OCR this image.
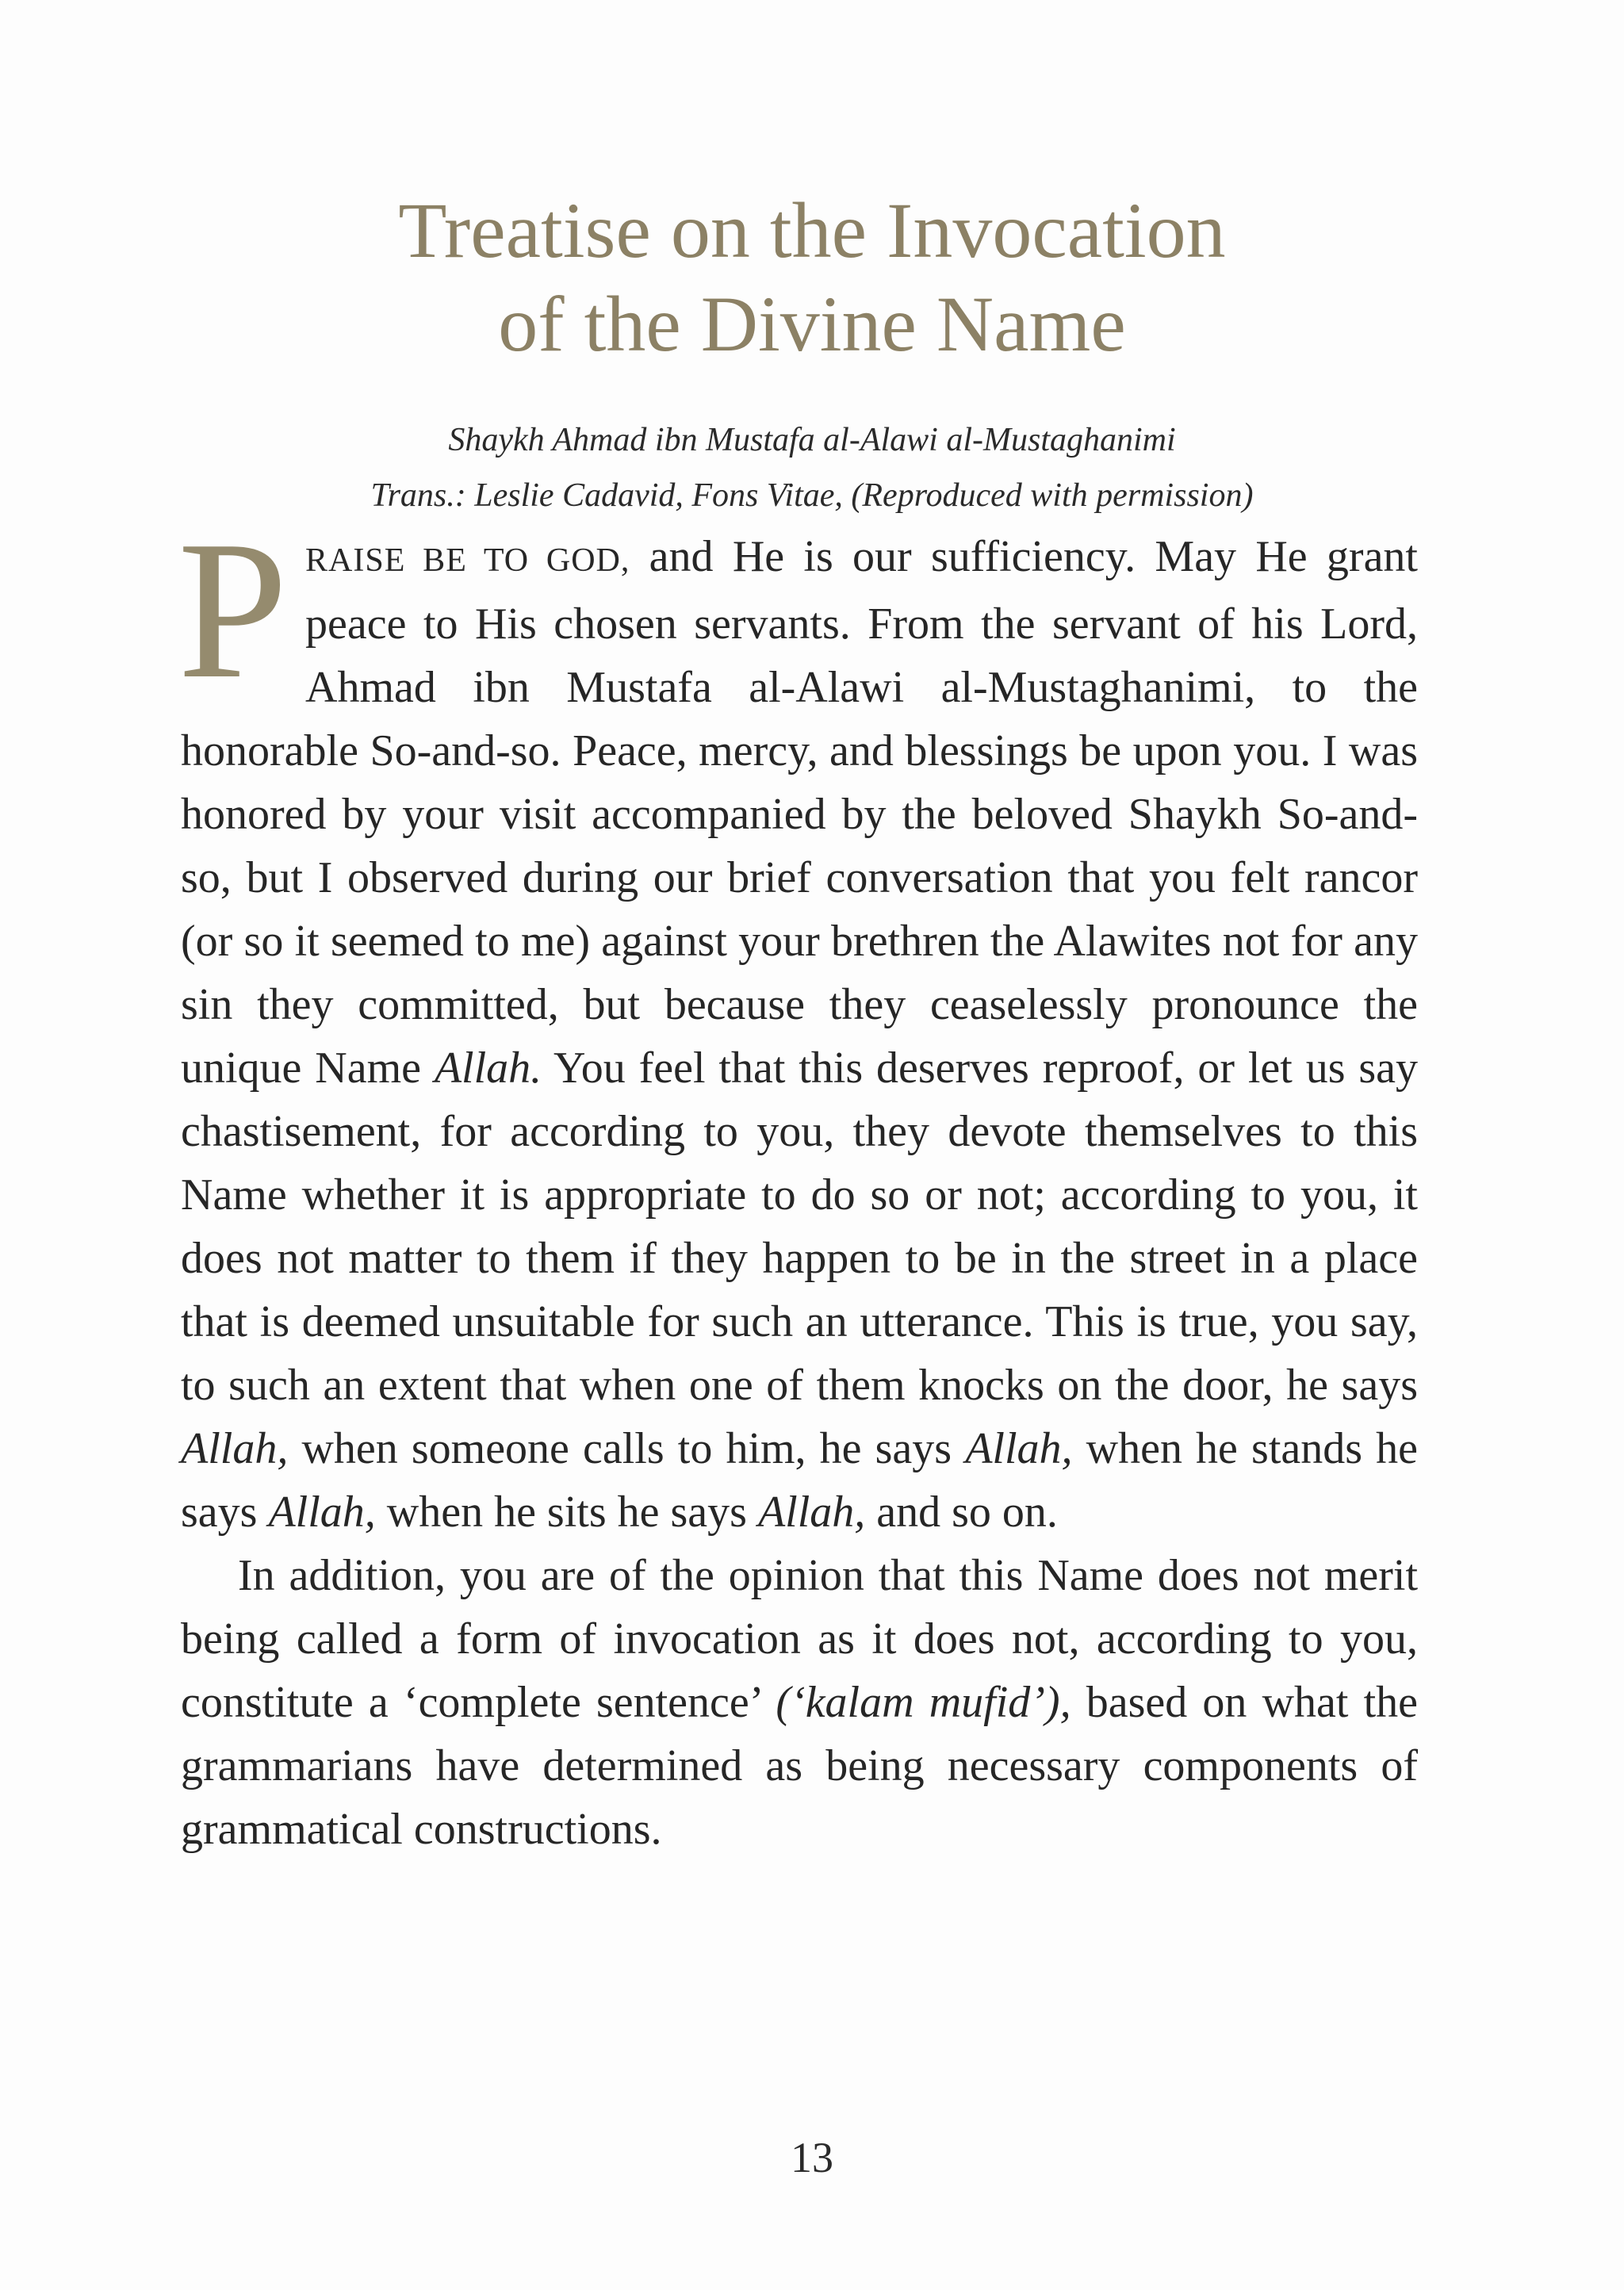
Treatise on the Invocation
of the Divine Name
Shaykh Ahmad ibn Mustafa al-Alawi al-Mustaghanimi
Trans.: Leslie Cadavid, Fons Vitae, (Reproduced with permission)

PRAISE BE TO GOD, and He is our sufficiency. May He grant peace to His chosen servants. From the servant of his Lord, Ahmad ibn Mustafa al-Alawi al-Mustaghanimi, to the honorable So-and-so. Peace, mercy, and blessings be upon you. I was honored by your visit accompanied by the beloved Shaykh So-and-so, but I observed during our brief conversation that you felt rancor (or so it seemed to me) against your brethren the Alawites not for any sin they committed, but because they ceaselessly pronounce the unique Name Allah. You feel that this deserves reproof, or let us say chastisement, for according to you, they devote themselves to this Name whether it is appropriate to do so or not; according to you, it does not matter to them if they happen to be in the street in a place that is deemed unsuitable for such an utterance. This is true, you say, to such an extent that when one of them knocks on the door, he says Allah, when someone calls to him, he says Allah, when he stands he says Allah, when he sits he says Allah, and so on.

In addition, you are of the opinion that this Name does not merit being called a form of invocation as it does not, according to you, constitute a ‘complete sentence’ (‘kalam mufid’), based on what the grammarians have determined as being necessary components of grammatical constructions.

13
